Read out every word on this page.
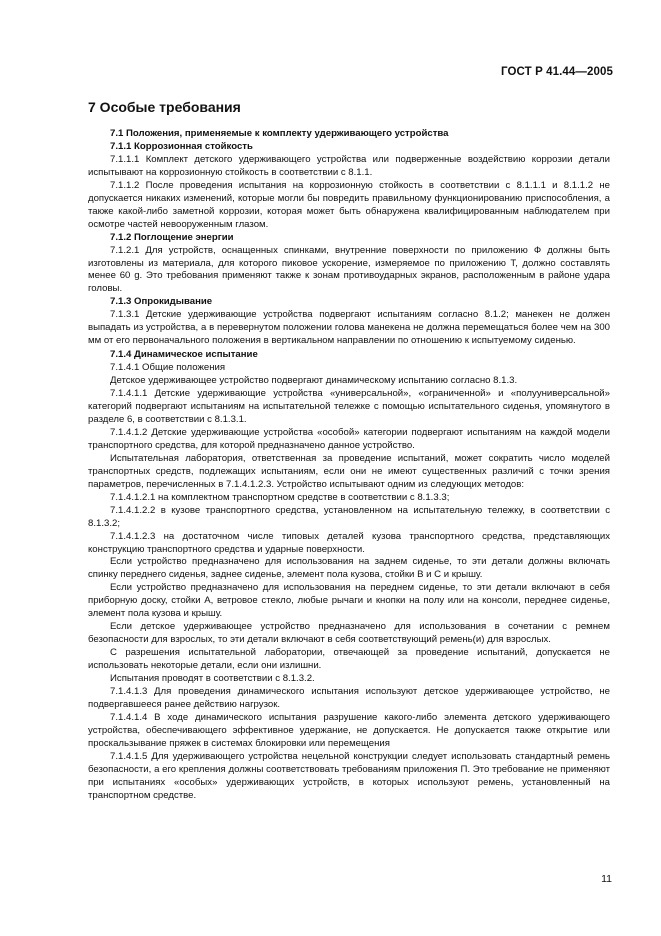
ГОСТ Р 41.44—2005
7 Особые требования

7.1 Положения, применяемые к комплекту удерживающего устройства

7.1.1 Коррозионная стойкость

7.1.1.1 Комплект детского удерживающего устройства или подверженные воздействию коррозии детали испытывают на коррозионную стойкость в соответствии с 8.1.1.

7.1.1.2 После проведения испытания на коррозионную стойкость в соответствии с 8.1.1.1 и 8.1.1.2 не допускается никаких изменений, которые могли бы повредить правильному функционированию приспособления, а также какой-либо заметной коррозии, которая может быть обнаружена квалифицированным наблюдателем при осмотре частей невооруженным глазом.

7.1.2 Поглощение энергии

7.1.2.1 Для устройств, оснащенных спинками, внутренние поверхности по приложению Ф должны быть изготовлены из материала, для которого пиковое ускорение, измеряемое по приложению Т, должно составлять менее 60 g. Это требования применяют также к зонам противоударных экранов, расположенным в районе удара головы.

7.1.3 Опрокидывание

7.1.3.1 Детские удерживающие устройства подвергают испытаниям согласно 8.1.2; манекен не должен выпадать из устройства, а в перевернутом положении голова манекена не должна перемещаться более чем на 300 мм от его первоначального положения в вертикальном направлении по отношению к испытуемому сиденью.

7.1.4 Динамическое испытание

7.1.4.1 Общие положения

Детское удерживающее устройство подвергают динамическому испытанию согласно 8.1.3.

7.1.4.1.1 Детские удерживающие устройства «универсальной», «ограниченной» и «полууниверсальной» категорий подвергают испытаниям на испытательной тележке с помощью испытательного сиденья, упомянутого в разделе 6, в соответствии с 8.1.3.1.

7.1.4.1.2 Детские удерживающие устройства «особой» категории подвергают испытаниям на каждой модели транспортного средства, для которой предназначено данное устройство.

Испытательная лаборатория, ответственная за проведение испытаний, может сократить число моделей транспортных средств, подлежащих испытаниям, если они не имеют существенных различий с точки зрения параметров, перечисленных в 7.1.4.1.2.3. Устройство испытывают одним из следующих методов:

7.1.4.1.2.1 на комплектном транспортном средстве в соответствии с 8.1.3.3;

7.1.4.1.2.2 в кузове транспортного средства, установленном на испытательную тележку, в соответствии с 8.1.3.2;

7.1.4.1.2.3 на достаточном числе типовых деталей кузова транспортного средства, представляющих конструкцию транспортного средства и ударные поверхности.

Если устройство предназначено для использования на заднем сиденье, то эти детали должны включать спинку переднего сиденья, заднее сиденье, элемент пола кузова, стойки В и С и крышу.

Если устройство предназначено для использования на переднем сиденье, то эти детали включают в себя приборную доску, стойки А, ветровое стекло, любые рычаги и кнопки на полу или на консоли, переднее сиденье, элемент пола кузова и крышу.

Если детское удерживающее устройство предназначено для использования в сочетании с ремнем безопасности для взрослых, то эти детали включают в себя соответствующий ремень(и) для взрослых.

С разрешения испытательной лаборатории, отвечающей за проведение испытаний, допускается не использовать некоторые детали, если они излишни.

Испытания проводят в соответствии с 8.1.3.2.

7.1.4.1.3 Для проведения динамического испытания используют детское удерживающее устройство, не подвергавшееся ранее действию нагрузок.

7.1.4.1.4 В ходе динамического испытания разрушение какого-либо элемента детского удерживающего устройства, обеспечивающего эффективное удержание, не допускается. Не допускается также открытие или проскальзывание пряжек в системах блокировки или перемещения

7.1.4.1.5 Для удерживающего устройства нецельной конструкции следует использовать стандартный ремень безопасности, а его крепления должны соответствовать требованиям приложения П. Это требование не применяют при испытаниях «особых» удерживающих устройств, в которых используют ремень, установленный на транспортном средстве.

11
